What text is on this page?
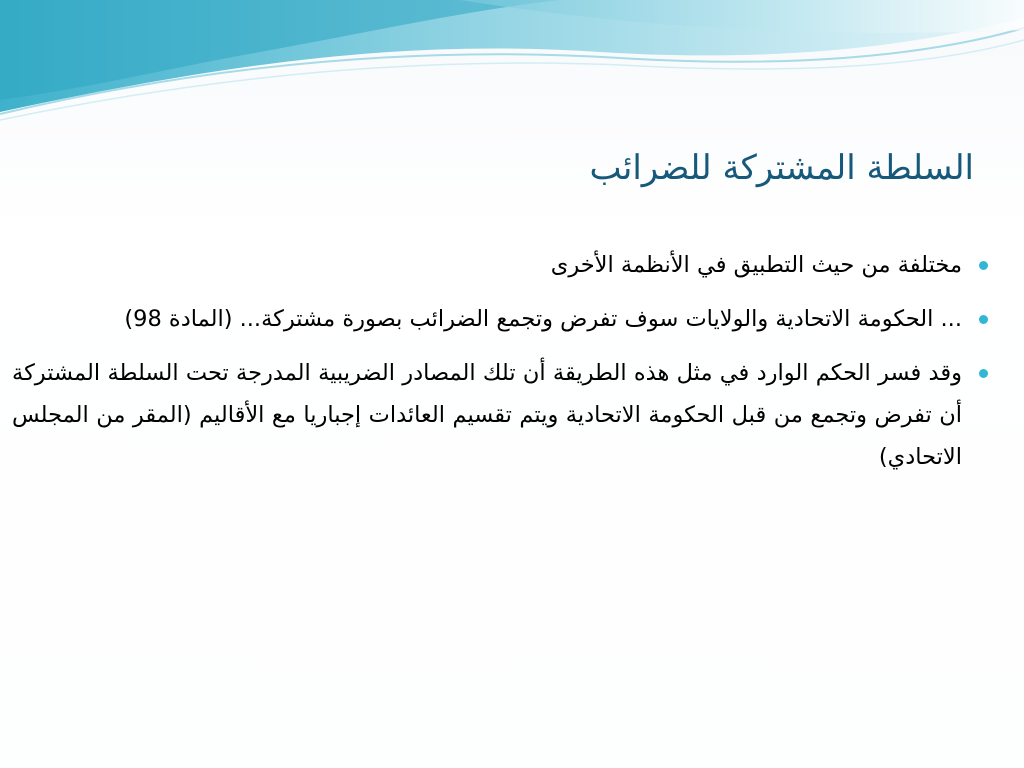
السلطة المشتركة للضرائب
مختلفة من حيث التطبيق في الأنظمة الأخرى
... الحكومة الاتحادية والولايات سوف تفرض وتجمع الضرائب بصورة مشتركة... (المادة 98)
وقد فسر الحكم الوارد في مثل هذه الطريقة أن تلك المصادر الضريبية المدرجة تحت السلطة المشتركة أن تفرض وتجمع من قبل الحكومة الاتحادية ويتم تقسيم العائدات إجباريا مع الأقاليم (المقر من المجلس الاتحادي)
